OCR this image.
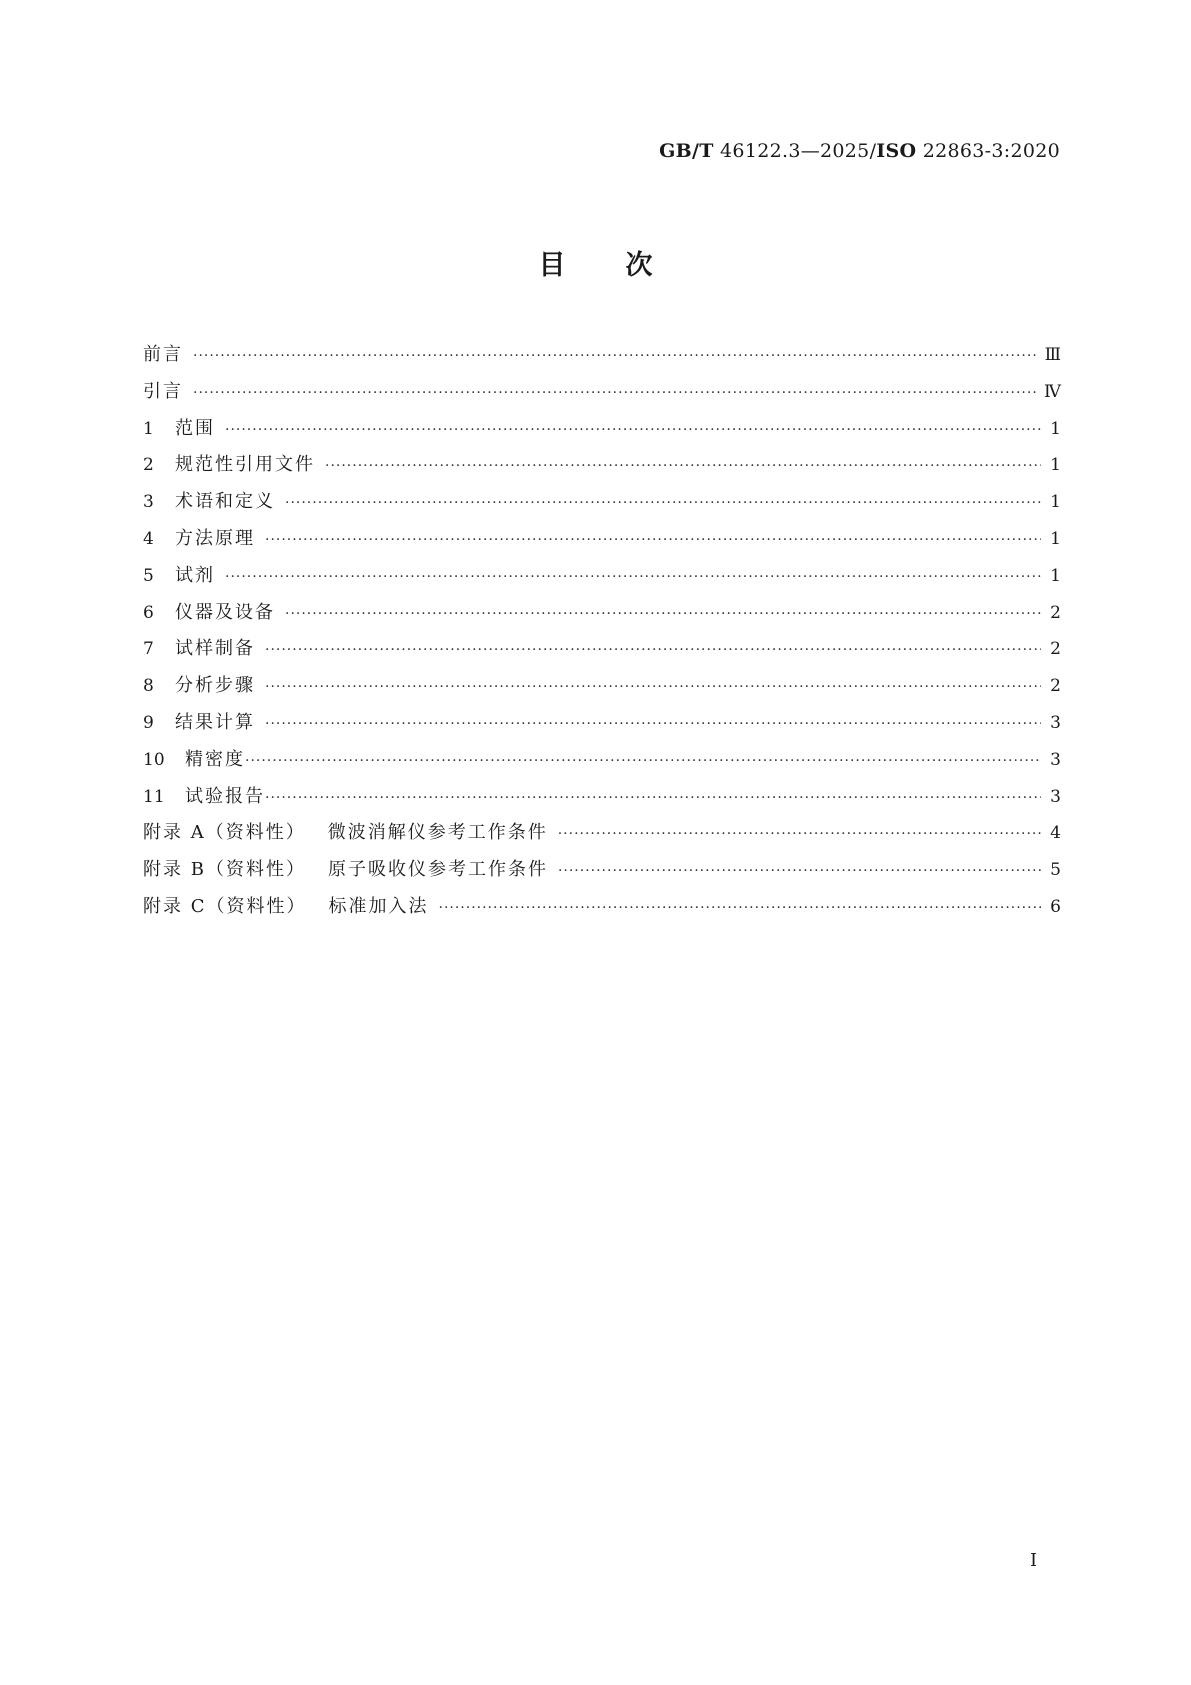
GB/T 46122.3—2025/ISO 22863-3:2020
目次
前言 ·····	Ⅲ
引言 ·····	Ⅳ
1	范围 ·····	1
2	规范性引用文件 ·····	1
3	术语和定义 ·····	1
4	方法原理 ·····	1
5	试剂 ·····	1
6	仪器及设备 ·····	2
7	试样制备 ·····	2
8	分析步骤 ·····	2
9	结果计算 ·····	3
10	精密度 ·····	3
11	试验报告 ·····	3
附录 A（资料性） 微波消解仪参考工作条件 ·····	4
附录 B（资料性） 原子吸收仪参考工作条件 ·····	5
附录 C（资料性） 标准加入法 ·····	6
I
